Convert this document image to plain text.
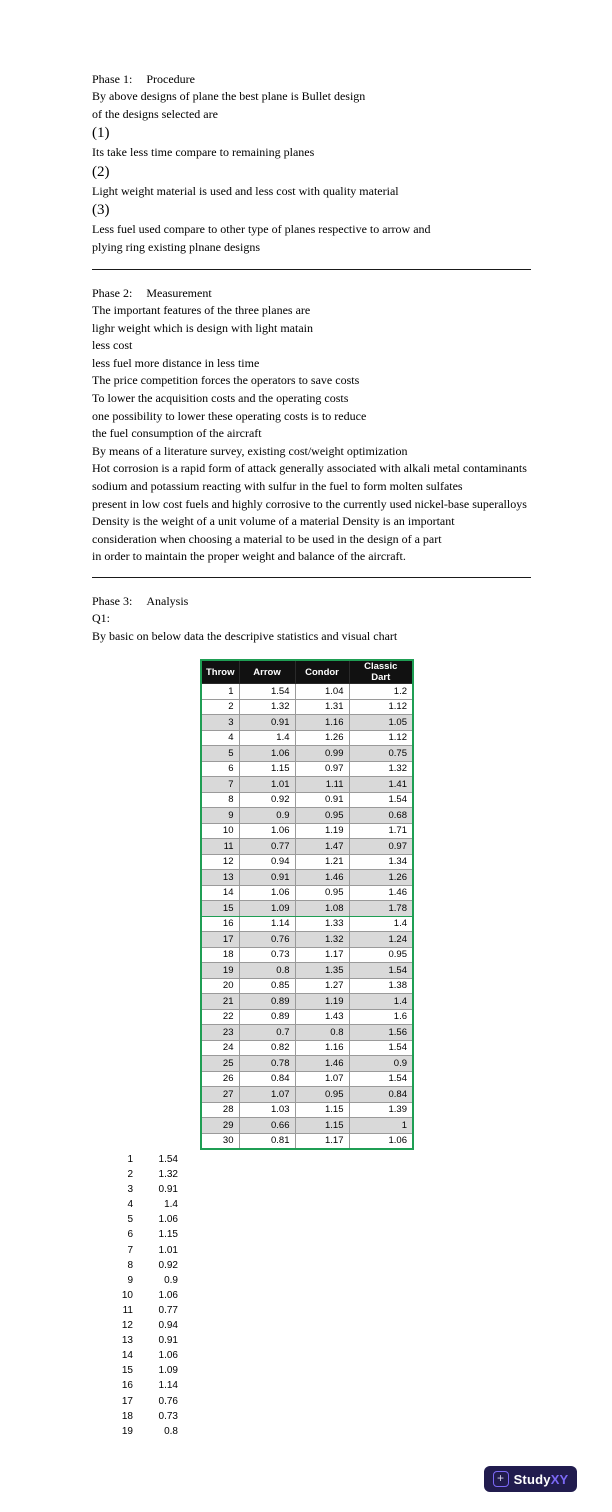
Phase 1: Procedure
By above designs of plane the best plane is Bullet design
of the designs selected are
(1)
Its take less time compare to remaining planes
(2)
Light weight material is used and less cost with quality material
(3)
Less fuel used compare to other type of planes respective to arrow and
plying ring existing plnane designs
Phase 2: Measurement
The important features of the three planes are
lighr weight which is design with light matain
less cost
less fuel more distance in less time
The price competition forces the operators to save costs
To lower the acquisition costs and the operating costs
one possibility to lower these operating costs is to reduce
the fuel consumption of the aircraft
By means of a literature survey, existing cost/weight optimization
Hot corrosion is a rapid form of attack generally associated with alkali metal contaminants
sodium and potassium reacting with sulfur in the fuel to form molten sulfates
present in low cost fuels and highly corrosive to the currently used nickel-base superalloys
Density is the weight of a unit volume of a material Density is an important
consideration when choosing a material to be used in the design of a part
in order to maintain the proper weight and balance of the aircraft.
Phase 3: Analysis
Q1:
By basic on below data the descripive statistics and visual chart
Throw	Arrow	Condor	Classic Dart
1	1.54	1.04	1.2
2	1.32	1.31	1.12
3	0.91	1.16	1.05
4	1.4	1.26	1.12
5	1.06	0.99	0.75
6	1.15	0.97	1.32
7	1.01	1.11	1.41
8	0.92	0.91	1.54
9	0.9	0.95	0.68
10	1.06	1.19	1.71
11	0.77	1.47	0.97
12	0.94	1.21	1.34
13	0.91	1.46	1.26
14	1.06	0.95	1.46
15	1.09	1.08	1.78
16	1.14	1.33	1.4
17	0.76	1.32	1.24
18	0.73	1.17	0.95
19	0.8	1.35	1.54
20	0.85	1.27	1.38
21	0.89	1.19	1.4
22	0.89	1.43	1.6
23	0.7	0.8	1.56
24	0.82	1.16	1.54
25	0.78	1.46	0.9
26	0.84	1.07	1.54
27	1.07	0.95	0.84
28	1.03	1.15	1.39
29	0.66	1.15	1
30	0.81	1.17	1.06
1	1.54
2	1.32
3	0.91
4	1.4
5	1.06
6	1.15
7	1.01
8	0.92
9	0.9
10	1.06
11	0.77
12	0.94
13	0.91
14	1.06
15	1.09
16	1.14
17	0.76
18	0.73
19	0.8
+ StudyXY
